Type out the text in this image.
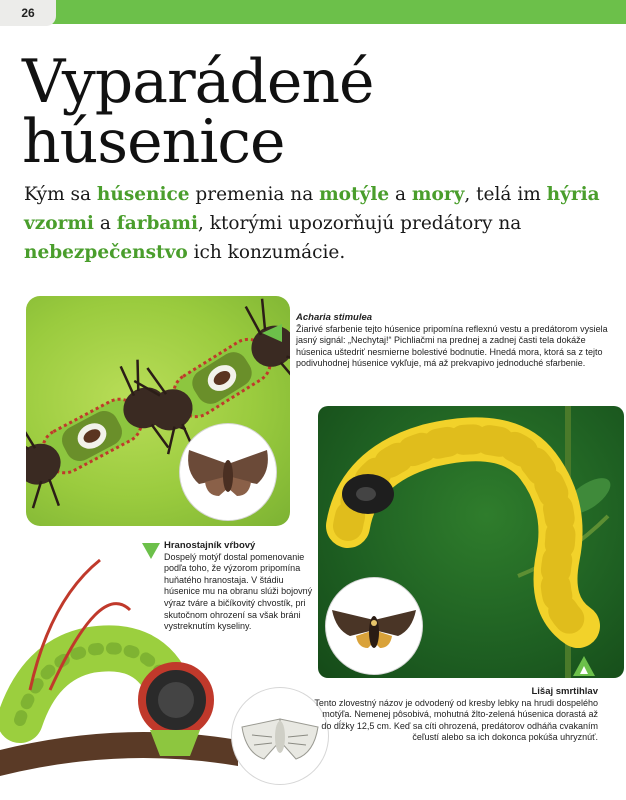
26
Vyparádené
húsenice

Kým sa húsenice premenia na motýle a mory, telá im hýria vzormi a farbami, ktorými upozorňujú predátory na nebezpečenstvo ich konzumácie.

Acharia stimulea
Žiarivé sfarbenie tejto húsenice pripomína reflexnú vestu a predátorom vysiela jasný signál: „Nechytaj!“ Pichliačmi na prednej a zadnej časti tela dokáže húsenica uštedriť nesmierne bolestivé bodnutie. Hnedá mora, ktorá sa z tejto podivuhodnej húsenice vykľuje, má až prekvapivo jednoduché sfarbenie.
Hranostajník vŕbový
Dospelý motýľ dostal pomenovanie podľa toho, že výzorom pripomína huňatého hranostaja. V štádiu húsenice mu na obranu slúži bojovný výraz tváre a bičíkovitý chvostík, pri skutočnom ohrození sa však bráni vystreknutím kyseliny.
Lišaj smrtihlav
Tento zlovestný názov je odvodený od kresby lebky na hrudi dospelého motýľa. Nemenej pôsobivá, mohutná žlto-zelená húsenica dorastá až do dĺžky 12,5 cm. Keď sa cíti ohrozená, predátorov odháňa cvakaním čeľustí alebo sa ich dokonca pokúša uhryznúť.
